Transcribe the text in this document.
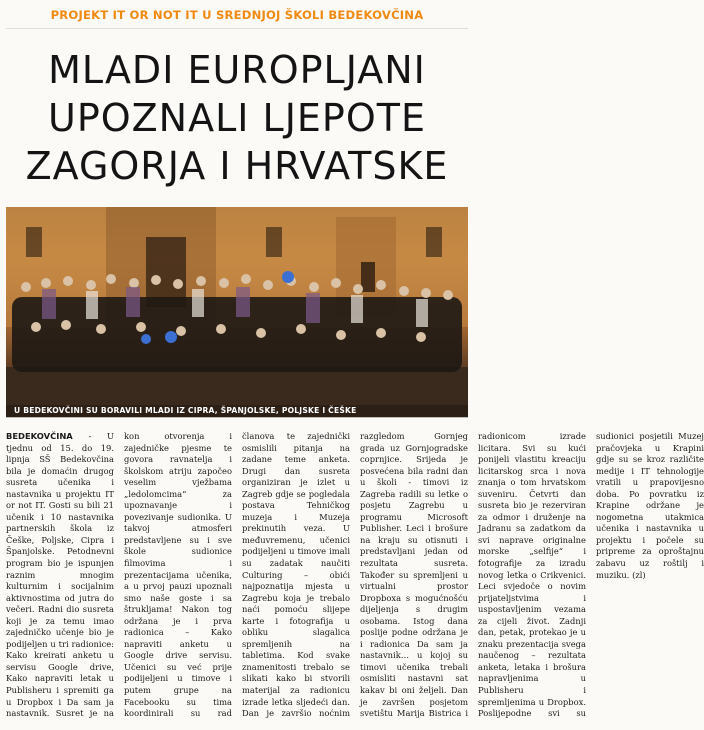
PROJEKT IT OR NOT IT U SREDNJOJ ŠKOLI BEDEKOVČINA
MLADI EUROPLJANI
UPOZNALI LJEPOTE
ZAGORJA I HRVATSKE
U BEDEKOVČINI SU BORAVILI MLADI IZ CIPRA, ŠPANJOLSKE, POLJSKE I ČEŠKE

BEDEKOVČINA - U tjednu od 15. do 19. lipnja SŠ Bedekovčina bila je domaćin drugog susreta učenika i nastavnika u projektu IT or not IT. Gosti su bili 21 učenik i 10 nastavnika partnerskih škola iz Češke, Poljske, Cipra i Španjolske. Petodnevni program bio je ispunjen raznim mnogim kulturnim i socijalnim aktivnostima od jutra do večeri. Radni dio susreta koji je za temu imao zajedničko učenje bio je podijeljen u tri radionice: Kako kreirati anketu u servisu Google drive, Kako napraviti letak u Publisheru i spremiti ga u Dropbox i Da sam ja nastavnik. Susret je na kon otvorenja i zajedničke pjesme te govora ravnatelja i školskom atriju započeo veselim vježbama „ledolomcima“ za upoznavanje i povezivanje sudionika. U takvoj atmosferi predstavljene su i sve škole sudionice filmovima i prezentacijama učenika, a u prvoj pauzi upoznali smo naše goste i sa štrukljama! Nakon tog održana je i prva radionica – Kako napraviti anketu u Google drive servisu. Učenici su već prije podijeljeni u timove i putem grupe na Facebooku su tima koordinirali su rad članova te zajednički osmislili pitanja na zadane teme anketa. Drugi dan susreta organiziran je izlet u Zagreb gdje se pogledala postava Tehničkog muzeja i Muzeja prekinutih veza. U međuvremenu, učenici podijeljeni u timove imali su zadatak naučiti Culturing – obići najpoznatija mjesta u Zagrebu koja je trebalo naći pomoću slijepe karte i fotografija u obliku slagalica spremljenih na tabletima. Kod svake znamenitosti trebalo se slikati kako bi stvorili materijal za radionicu izrade letka sljedeći dan. Dan je završio noćnim razgledom Gornjeg grada uz Gornjogradske coprnjice. Srijeda je posvećena bila radni dan u školi - timovi iz Zagreba radili su letke o posjetu Zagrebu u programu Microsoft Publisher. Leci i brošure na kraju su otisnuti i predstavljani jedan od rezultata susreta. Također su spremljeni u virtualni prostor Dropboxa s mogućnošću dijeljenja s drugim osobama. Istog dana poslije podne održana je i radionica Da sam ja nastavnik… u kojoj su timovi učenika trebali osmisliti nastavni sat kakav bi oni željeli. Dan je završen posjetom svetištu Marija Bistrica i radionicom izrade licitara. Svi su kući ponijeli vlastitu kreaciju licitarskog srca i nova znanja o tom hrvatskom suveniru. Četvrti dan susreta bio je rezerviran za odmor i druženje na Jadranu sa zadatkom da svi naprave originalne morske „selfije“ i fotografije za izradu novog letka o Crikvenici. Leci svjedoče o novim prijateljstvima i uspostavljenim vezama za cijeli život. Zadnji dan, petak, protekao je u znaku prezentacija svega naučenog – rezultata anketa, letaka i brošura napravljenima u Publisheru i spremljenima u Dropbox. Poslijepodne svi su sudionici posjetili Muzej pračovjeka u Krapini gdje su se kroz različite medije i IT tehnologije vratili u prapovijesno doba. Po povratku iz Krapine održane je nogometna utakmica učenika i nastavnika u projektu i počele su pripreme za oproštajnu zabavu uz roštilj i muziku. (zl)
